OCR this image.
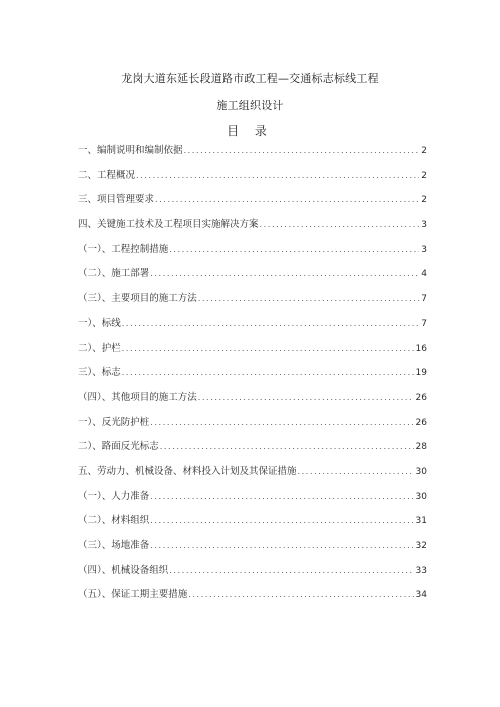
龙岗大道东延长段道路市政工程—交通标志标线工程
施工组织设计
目 录
一、编制说明和编制依据 .....	2
二、工程概况 .....	2
三、项目管理要求 .....	2
四、关键施工技术及工程项目实施解决方案 .....	3
（一）、工程控制措施 .....	3
（二）、施工部署 .....	4
（三）、主要项目的施工方法 .....	7
一）、标线 .....	7
二）、护栏 .....	16
三）、标志 .....	19
（四）、其他项目的施工方法 .....	26
一）、反光防护桩 .....	26
二）、路面反光标志 .....	28
五、劳动力、机械设备、材料投入计划及其保证措施 .....	30
（一）、人力准备 .....	30
（二）、材料组织 .....	31
（三）、场地准备 .....	32
（四）、机械设备组织 .....	33
（五）、保证工期主要措施 .....	34
